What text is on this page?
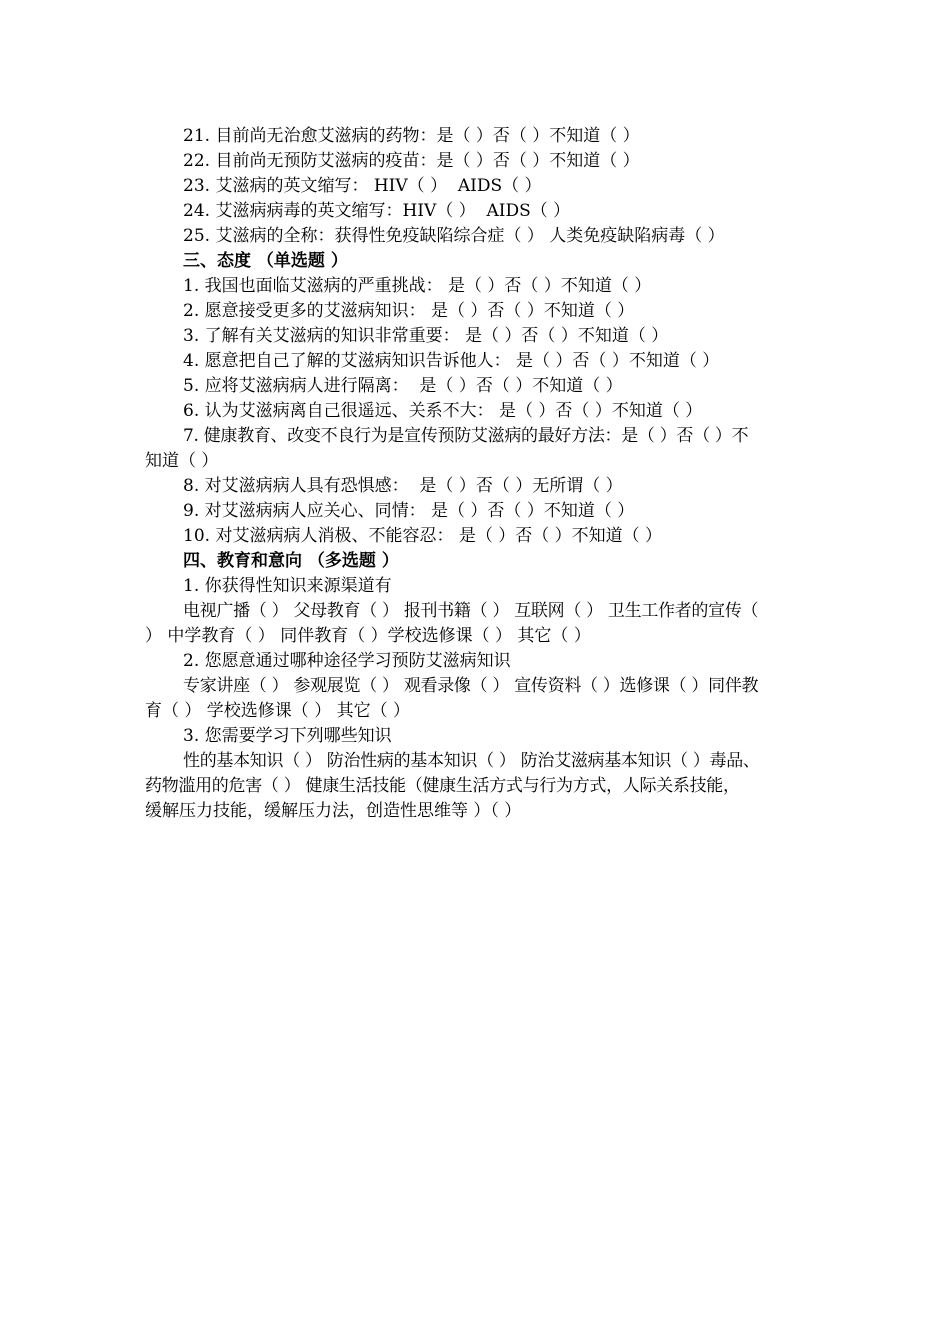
21. 目前尚无治愈艾滋病的药物：是（ ）否（ ）不知道（ ）
22. 目前尚无预防艾滋病的疫苗：是（ ）否（ ）不知道（ ）
23. 艾滋病的英文缩写： HIV（ ）  AIDS（ ）
24. 艾滋病病毒的英文缩写：HIV（ ）  AIDS（ ）
25. 艾滋病的全称：获得性免疫缺陷综合症（ ） 人类免疫缺陷病毒（ ）
三、态度 （单选题 ）
1. 我国也面临艾滋病的严重挑战： 是（ ）否（ ）不知道（ ）
2. 愿意接受更多的艾滋病知识： 是（ ）否（ ）不知道（ ）
3. 了解有关艾滋病的知识非常重要： 是（ ）否（ ）不知道（ ）
4. 愿意把自己了解的艾滋病知识告诉他人： 是（ ）否（ ）不知道（ ）
5. 应将艾滋病病人进行隔离：  是（ ）否（ ）不知道（ ）
6. 认为艾滋病离自己很遥远、关系不大： 是（ ）否（ ）不知道（ ）
7. 健康教育、改变不良行为是宣传预防艾滋病的最好方法：是（ ）否（ ）不
知道（ ）
8. 对艾滋病病人具有恐惧感：  是（ ）否（ ）无所谓（ ）
9. 对艾滋病病人应关心、同情： 是（ ）否（ ）不知道（ ）
10. 对艾滋病病人消极、不能容忍： 是（ ）否（ ）不知道（ ）
四、教育和意向 （多选题 ）
1. 你获得性知识来源渠道有
电视广播（ ） 父母教育（ ） 报刊书籍（ ） 互联网（ ） 卫生工作者的宣传（
） 中学教育（ ） 同伴教育（ ）学校选修课（ ） 其它（ ）
2. 您愿意通过哪种途径学习预防艾滋病知识
专家讲座（ ） 参观展览（ ） 观看录像（ ） 宣传资料（ ）选修课（ ）同伴教
育（ ） 学校选修课（ ） 其它（ ）
3. 您需要学习下列哪些知识
性的基本知识（ ） 防治性病的基本知识（ ） 防治艾滋病基本知识（ ）毒品、
药物滥用的危害（ ） 健康生活技能（健康生活方式与行为方式，人际关系技能，
缓解压力技能，缓解压力法，创造性思维等 ）（ ）
